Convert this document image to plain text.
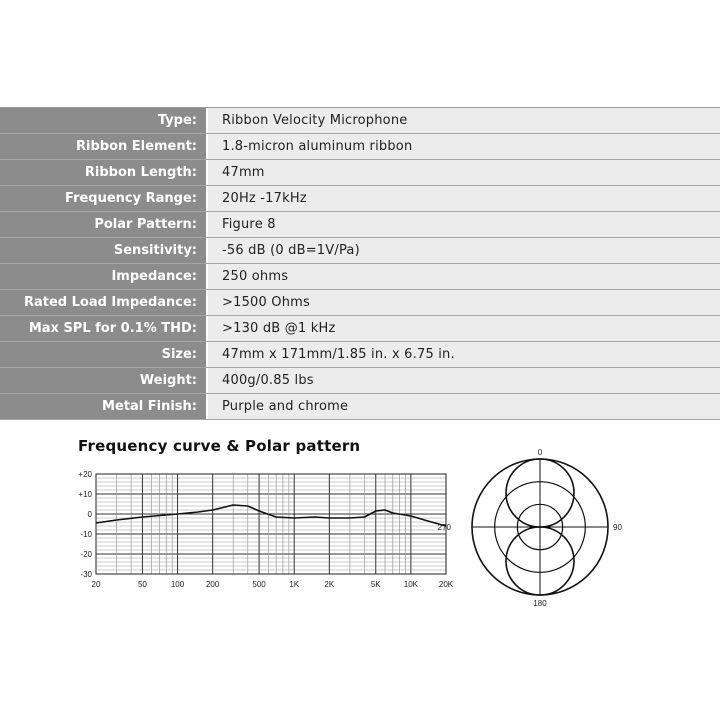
Type:	Ribbon Velocity Microphone
Ribbon Element:	1.8-micron aluminum ribbon
Ribbon Length:	47mm
Frequency Range:	20Hz -17kHz
Polar Pattern:	Figure 8
Sensitivity:	-56 dB (0 dB=1V/Pa)
Impedance:	250 ohms
Rated Load Impedance:	>1500 Ohms
Max SPL for 0.1% THD:	>130 dB @1 kHz
Size:	47mm x 171mm/1.85 in. x 6.75 in.
Weight:	400g/0.85 lbs
Metal Finish:	Purple and chrome
Frequency curve & Polar pattern
+20
+10
0
-10
-20
-30
20	50	100	200	500	1K	2K	5K	10K	20K
0
90
180
270
